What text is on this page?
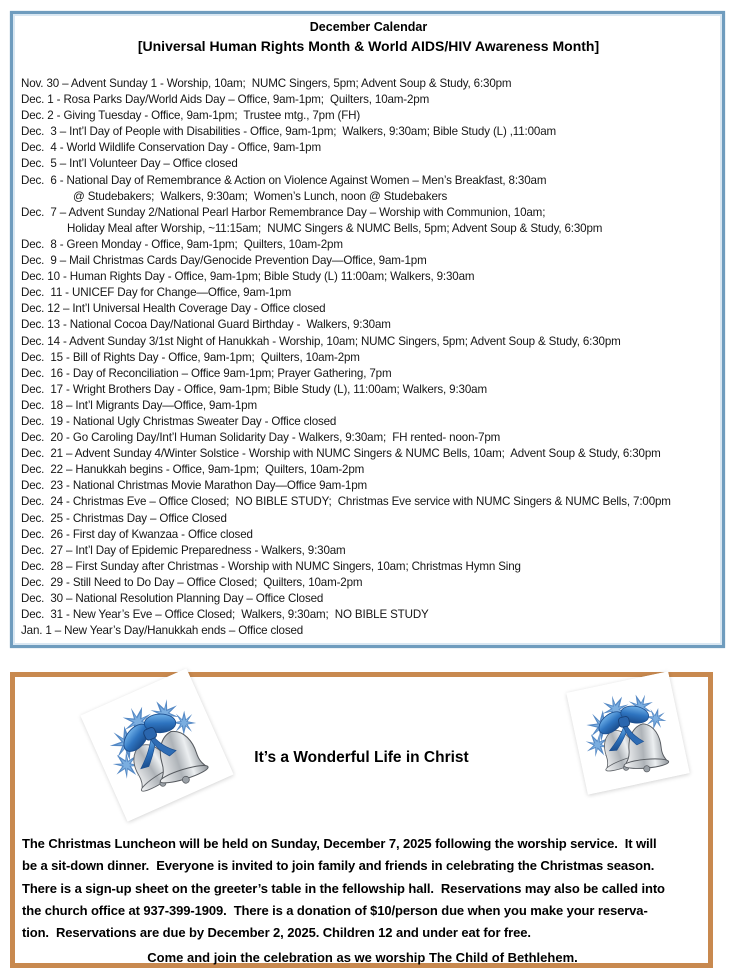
December Calendar
[Universal Human Rights Month & World AIDS/HIV Awareness Month]
Nov. 30 – Advent Sunday 1 - Worship, 10am;  NUMC Singers, 5pm; Advent Soup & Study, 6:30pm
Dec. 1 - Rosa Parks Day/World Aids Day – Office, 9am-1pm;  Quilters, 10am-2pm
Dec. 2 - Giving Tuesday - Office, 9am-1pm;  Trustee mtg., 7pm (FH)
Dec.  3 – Int’l Day of People with Disabilities - Office, 9am-1pm;  Walkers, 9:30am; Bible Study (L) ,11:00am
Dec.  4 - World Wildlife Conservation Day - Office, 9am-1pm
Dec.  5 – Int’l Volunteer Day – Office closed
Dec.  6 - National Day of Remembrance & Action on Violence Against Women – Men’s Breakfast, 8:30am
@ Studebakers;  Walkers, 9:30am;  Women’s Lunch, noon @ Studebakers
Dec.  7 – Advent Sunday 2/National Pearl Harbor Remembrance Day – Worship with Communion, 10am;
Holiday Meal after Worship, ~11:15am;  NUMC Singers & NUMC Bells, 5pm; Advent Soup & Study, 6:30pm
Dec.  8 - Green Monday - Office, 9am-1pm;  Quilters, 10am-2pm
Dec.  9 – Mail Christmas Cards Day/Genocide Prevention Day—Office, 9am-1pm
Dec. 10 - Human Rights Day - Office, 9am-1pm; Bible Study (L) 11:00am; Walkers, 9:30am
Dec.  11 - UNICEF Day for Change—Office, 9am-1pm
Dec. 12 – Int’l Universal Health Coverage Day - Office closed
Dec. 13 - National Cocoa Day/National Guard Birthday -  Walkers, 9:30am
Dec. 14 - Advent Sunday 3/1st Night of Hanukkah - Worship, 10am; NUMC Singers, 5pm; Advent Soup & Study, 6:30pm
Dec.  15 - Bill of Rights Day - Office, 9am-1pm;  Quilters, 10am-2pm
Dec.  16 - Day of Reconciliation – Office 9am-1pm; Prayer Gathering, 7pm
Dec.  17 - Wright Brothers Day - Office, 9am-1pm; Bible Study (L), 11:00am; Walkers, 9:30am
Dec.  18 – Int’l Migrants Day—Office, 9am-1pm
Dec.  19 - National Ugly Christmas Sweater Day - Office closed
Dec.  20 - Go Caroling Day/Int’l Human Solidarity Day - Walkers, 9:30am;  FH rented- noon-7pm
Dec.  21 – Advent Sunday 4/Winter Solstice - Worship with NUMC Singers & NUMC Bells, 10am;  Advent Soup & Study, 6:30pm
Dec.  22 – Hanukkah begins - Office, 9am-1pm;  Quilters, 10am-2pm
Dec.  23 - National Christmas Movie Marathon Day—Office 9am-1pm
Dec.  24 - Christmas Eve – Office Closed;  NO BIBLE STUDY;  Christmas Eve service with NUMC Singers & NUMC Bells, 7:00pm
Dec.  25 - Christmas Day – Office Closed
Dec.  26 - First day of Kwanzaa - Office closed
Dec.  27 – Int’l Day of Epidemic Preparedness - Walkers, 9:30am
Dec.  28 – First Sunday after Christmas - Worship with NUMC Singers, 10am; Christmas Hymn Sing
Dec.  29 - Still Need to Do Day – Office Closed;  Quilters, 10am-2pm
Dec.  30 – National Resolution Planning Day – Office Closed
Dec.  31 - New Year’s Eve – Office Closed;  Walkers, 9:30am;  NO BIBLE STUDY
Jan. 1 – New Year’s Day/Hanukkah ends – Office closed
It’s a Wonderful Life in Christ
The Christmas Luncheon will be held on Sunday, December 7, 2025 following the worship service.  It will
be a sit-down dinner.  Everyone is invited to join family and friends in celebrating the Christmas season.
There is a sign-up sheet on the greeter’s table in the fellowship hall.  Reservations may also be called into
the church office at 937-399-1909.  There is a donation of $10/person due when you make your reserva-
tion.  Reservations are due by December 2, 2025. Children 12 and under eat for free.
Come and join the celebration as we worship The Child of Bethlehem.
